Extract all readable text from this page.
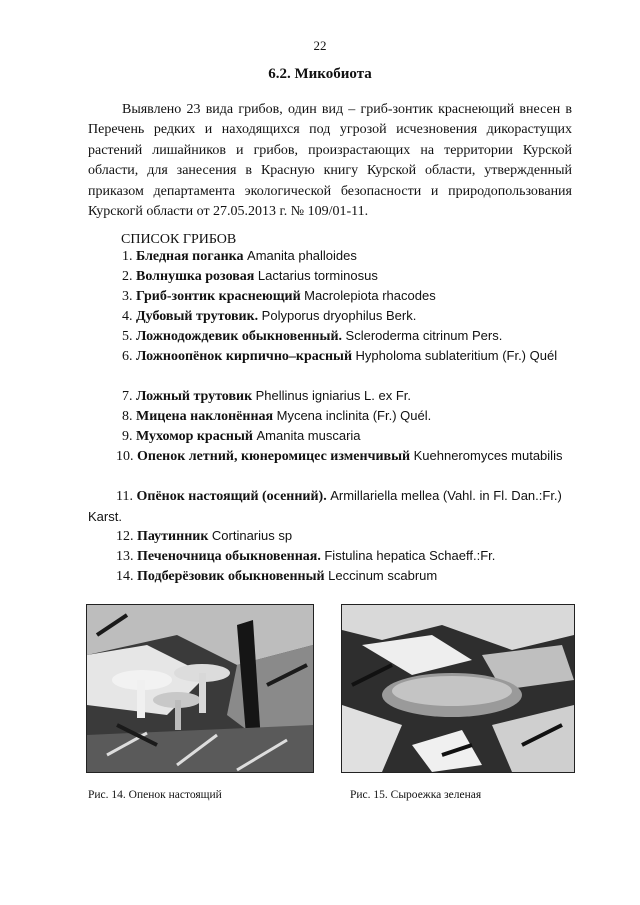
22
6.2. Микобиота

Выявлено 23 вида грибов, один вид – гриб-зонтик краснеющий внесен в Перечень редких и находящихся под угрозой исчезновения дикорастущих растений лишайников и грибов, произрастающих на территории Курской области, для занесения в Красную книгу Курской области, утвержденный приказом департамента экологической безопасности и природопользования Курскогй области от 27.05.2013 г. № 109/01-11.

СПИСОК ГРИБОВ
1. Бледная поганка Amanita phalloides
2. Волнушка розовая Lactarius torminosus
3. Гриб-зонтик краснеющий Macrolepiota rhacodes
4. Дубовый трутовик. Polyporus dryophilus Berk.
5. Ложнодождевик обыкновенный. Scleroderma citrinum Pers.
6. Ложноопёнок кирпично–красный Hypholoma sublateritium (Fr.) Quél
7. Ложный трутовик Phellinus igniarius L. ex Fr.
8. Мицена наклонённая Mycena inclinita (Fr.) Quél.
9. Мухомор красный Amanita muscaria
10. Опенок летний, кюнеромицес изменчивый Kuehneromyces mutabilis
11. Опёнок настоящий (осенний). Armillariella mellea (Vahl. in Fl. Dan.:Fr.) Karst.
12. Паутинник Cortinarius sp
13. Печеночница обыкновенная. Fistulina hepatica Schaeff.:Fr.
14. Подберёзовик обыкновенный Leccinum scabrum
Рис. 14. Опенок настоящий	Рис. 15. Сыроежка зеленая
